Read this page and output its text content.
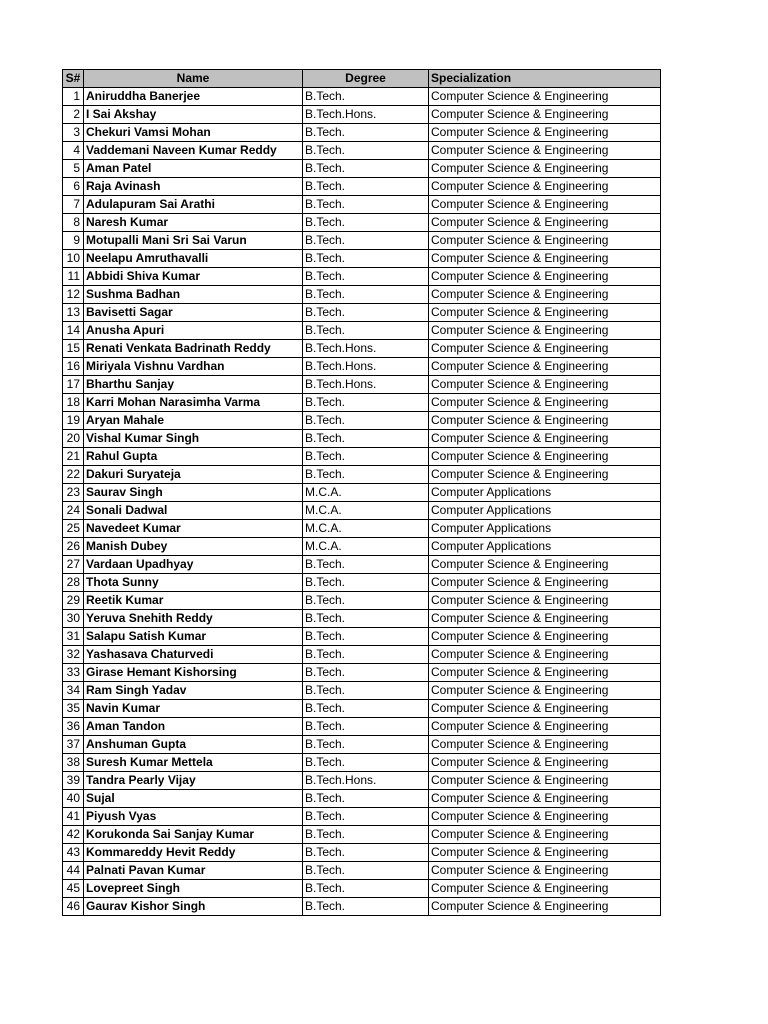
S#	Name	Degree	Specialization
1	Aniruddha Banerjee	B.Tech.	Computer Science & Engineering
2	I Sai Akshay	B.Tech.Hons.	Computer Science & Engineering
3	Chekuri Vamsi Mohan	B.Tech.	Computer Science & Engineering
4	Vaddemani Naveen Kumar Reddy	B.Tech.	Computer Science & Engineering
5	Aman Patel	B.Tech.	Computer Science & Engineering
6	Raja Avinash	B.Tech.	Computer Science & Engineering
7	Adulapuram Sai Arathi	B.Tech.	Computer Science & Engineering
8	Naresh Kumar	B.Tech.	Computer Science & Engineering
9	Motupalli Mani Sri Sai Varun	B.Tech.	Computer Science & Engineering
10	Neelapu Amruthavalli	B.Tech.	Computer Science & Engineering
11	Abbidi Shiva Kumar	B.Tech.	Computer Science & Engineering
12	Sushma Badhan	B.Tech.	Computer Science & Engineering
13	Bavisetti Sagar	B.Tech.	Computer Science & Engineering
14	Anusha Apuri	B.Tech.	Computer Science & Engineering
15	Renati Venkata Badrinath Reddy	B.Tech.Hons.	Computer Science & Engineering
16	Miriyala Vishnu Vardhan	B.Tech.Hons.	Computer Science & Engineering
17	Bharthu Sanjay	B.Tech.Hons.	Computer Science & Engineering
18	Karri Mohan Narasimha Varma	B.Tech.	Computer Science & Engineering
19	Aryan Mahale	B.Tech.	Computer Science & Engineering
20	Vishal Kumar Singh	B.Tech.	Computer Science & Engineering
21	Rahul Gupta	B.Tech.	Computer Science & Engineering
22	Dakuri Suryateja	B.Tech.	Computer Science & Engineering
23	Saurav Singh	M.C.A.	Computer Applications
24	Sonali Dadwal	M.C.A.	Computer Applications
25	Navedeet Kumar	M.C.A.	Computer Applications
26	Manish Dubey	M.C.A.	Computer Applications
27	Vardaan Upadhyay	B.Tech.	Computer Science & Engineering
28	Thota Sunny	B.Tech.	Computer Science & Engineering
29	Reetik Kumar	B.Tech.	Computer Science & Engineering
30	Yeruva Snehith Reddy	B.Tech.	Computer Science & Engineering
31	Salapu Satish Kumar	B.Tech.	Computer Science & Engineering
32	Yashasava Chaturvedi	B.Tech.	Computer Science & Engineering
33	Girase Hemant Kishorsing	B.Tech.	Computer Science & Engineering
34	Ram Singh Yadav	B.Tech.	Computer Science & Engineering
35	Navin Kumar	B.Tech.	Computer Science & Engineering
36	Aman Tandon	B.Tech.	Computer Science & Engineering
37	Anshuman Gupta	B.Tech.	Computer Science & Engineering
38	Suresh Kumar Mettela	B.Tech.	Computer Science & Engineering
39	Tandra Pearly Vijay	B.Tech.Hons.	Computer Science & Engineering
40	Sujal	B.Tech.	Computer Science & Engineering
41	Piyush Vyas	B.Tech.	Computer Science & Engineering
42	Korukonda Sai Sanjay Kumar	B.Tech.	Computer Science & Engineering
43	Kommareddy Hevit Reddy	B.Tech.	Computer Science & Engineering
44	Palnati Pavan Kumar	B.Tech.	Computer Science & Engineering
45	Lovepreet Singh	B.Tech.	Computer Science & Engineering
46	Gaurav Kishor Singh	B.Tech.	Computer Science & Engineering
